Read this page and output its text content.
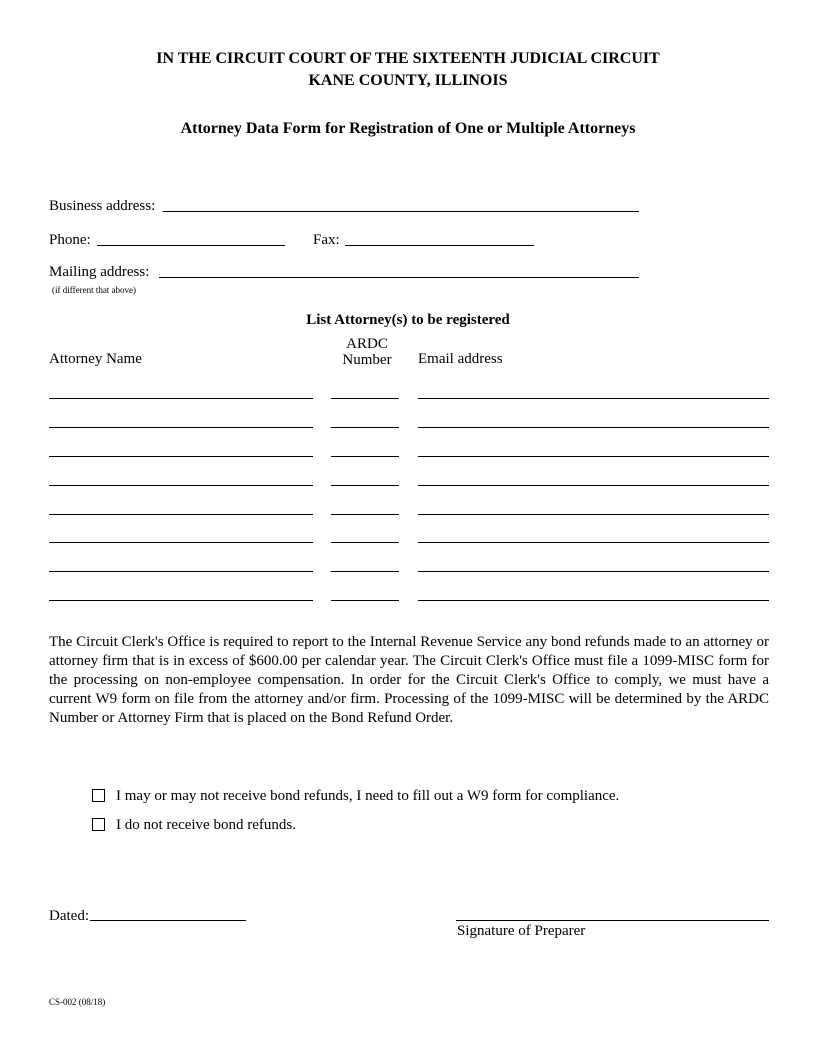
IN THE CIRCUIT COURT OF THE SIXTEENTH JUDICIAL CIRCUIT
KANE COUNTY, ILLINOIS
Attorney Data Form for Registration of One or Multiple Attorneys
Business address:
Phone:	Fax:
Mailing address:
(if different that above)
List Attorney(s) to be registered
Attorney Name
ARDC
Number	Email address
The Circuit Clerk's Office is required to report to the Internal Revenue Service any bond refunds made to an attorney or attorney firm that is in excess of $600.00 per calendar year. The Circuit Clerk's Office must file a 1099-MISC form for the processing on non-employee compensation. In order for the Circuit Clerk's Office to comply, we must have a current W9 form on file from the attorney and/or firm. Processing of the 1099-MISC will be determined by the ARDC Number or Attorney Firm that is placed on the Bond Refund Order.
I may or may not receive bond refunds, I need to fill out a W9 form for compliance.
I do not receive bond refunds.
Dated:
Signature of Preparer
CS-002 (08/18)
